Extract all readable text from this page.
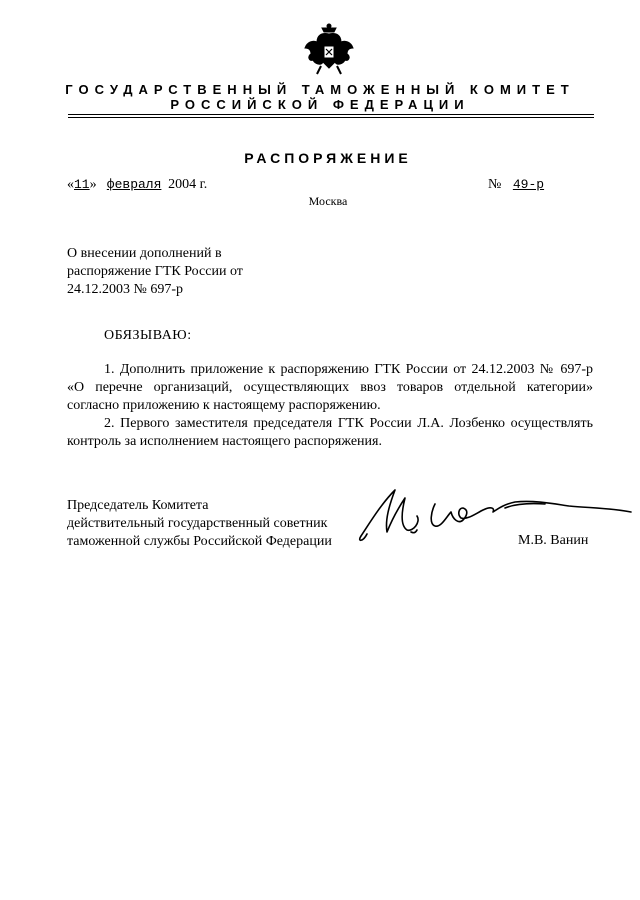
ГОСУДАРСТВЕННЫЙ ТАМОЖЕННЫЙ КОМИТЕТ
РОССИЙСКОЙ ФЕДЕРАЦИИ
РАСПОРЯЖЕНИЕ
«11» февраля 2004 г.	№ 49-р
Москва

О внесении дополнений в
распоряжение ГТК России от
24.12.2003 № 697-р

ОБЯЗЫВАЮ:

1. Дополнить приложение к распоряжению ГТК России от 24.12.2003 № 697-р «О перечне организаций, осуществляющих ввоз товаров отдельной категории» согласно приложению к настоящему распоряжению.

2. Первого заместителя председателя ГТК России Л.А. Лозбенко осуществлять контроль за исполнением настоящего распоряжения.

Председатель Комитета
действительный государственный советник
таможенной службы Российской Федерации	М.В. Ванин
